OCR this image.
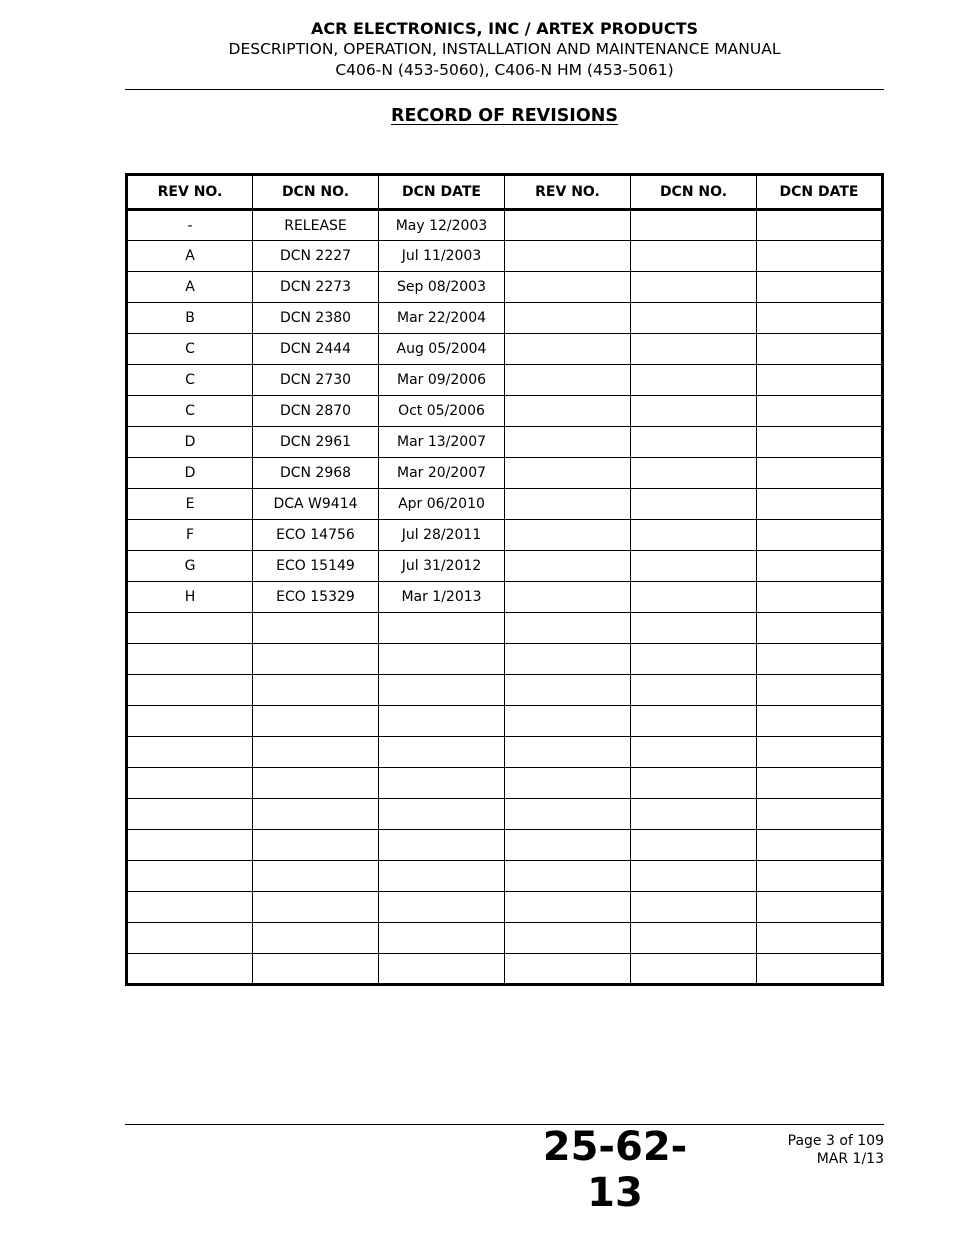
ACR ELECTRONICS, INC / ARTEX PRODUCTS
DESCRIPTION, OPERATION, INSTALLATION AND MAINTENANCE MANUAL
C406-N (453-5060), C406-N HM (453-5061)
RECORD OF REVISIONS
REV NO.	DCN NO.	DCN DATE	REV NO.	DCN NO.	DCN DATE
-	RELEASE	May 12/2003			
A	DCN 2227	Jul 11/2003			
A	DCN 2273	Sep 08/2003			
B	DCN 2380	Mar 22/2004			
C	DCN 2444	Aug 05/2004			
C	DCN 2730	Mar 09/2006			
C	DCN 2870	Oct 05/2006			
D	DCN 2961	Mar 13/2007			
D	DCN 2968	Mar 20/2007			
E	DCA W9414	Apr 06/2010			
F	ECO 14756	Jul 28/2011			
G	ECO 15149	Jul 31/2012			
H	ECO 15329	Mar 1/2013			

25-62-13
Page 3 of 109
MAR 1/13
